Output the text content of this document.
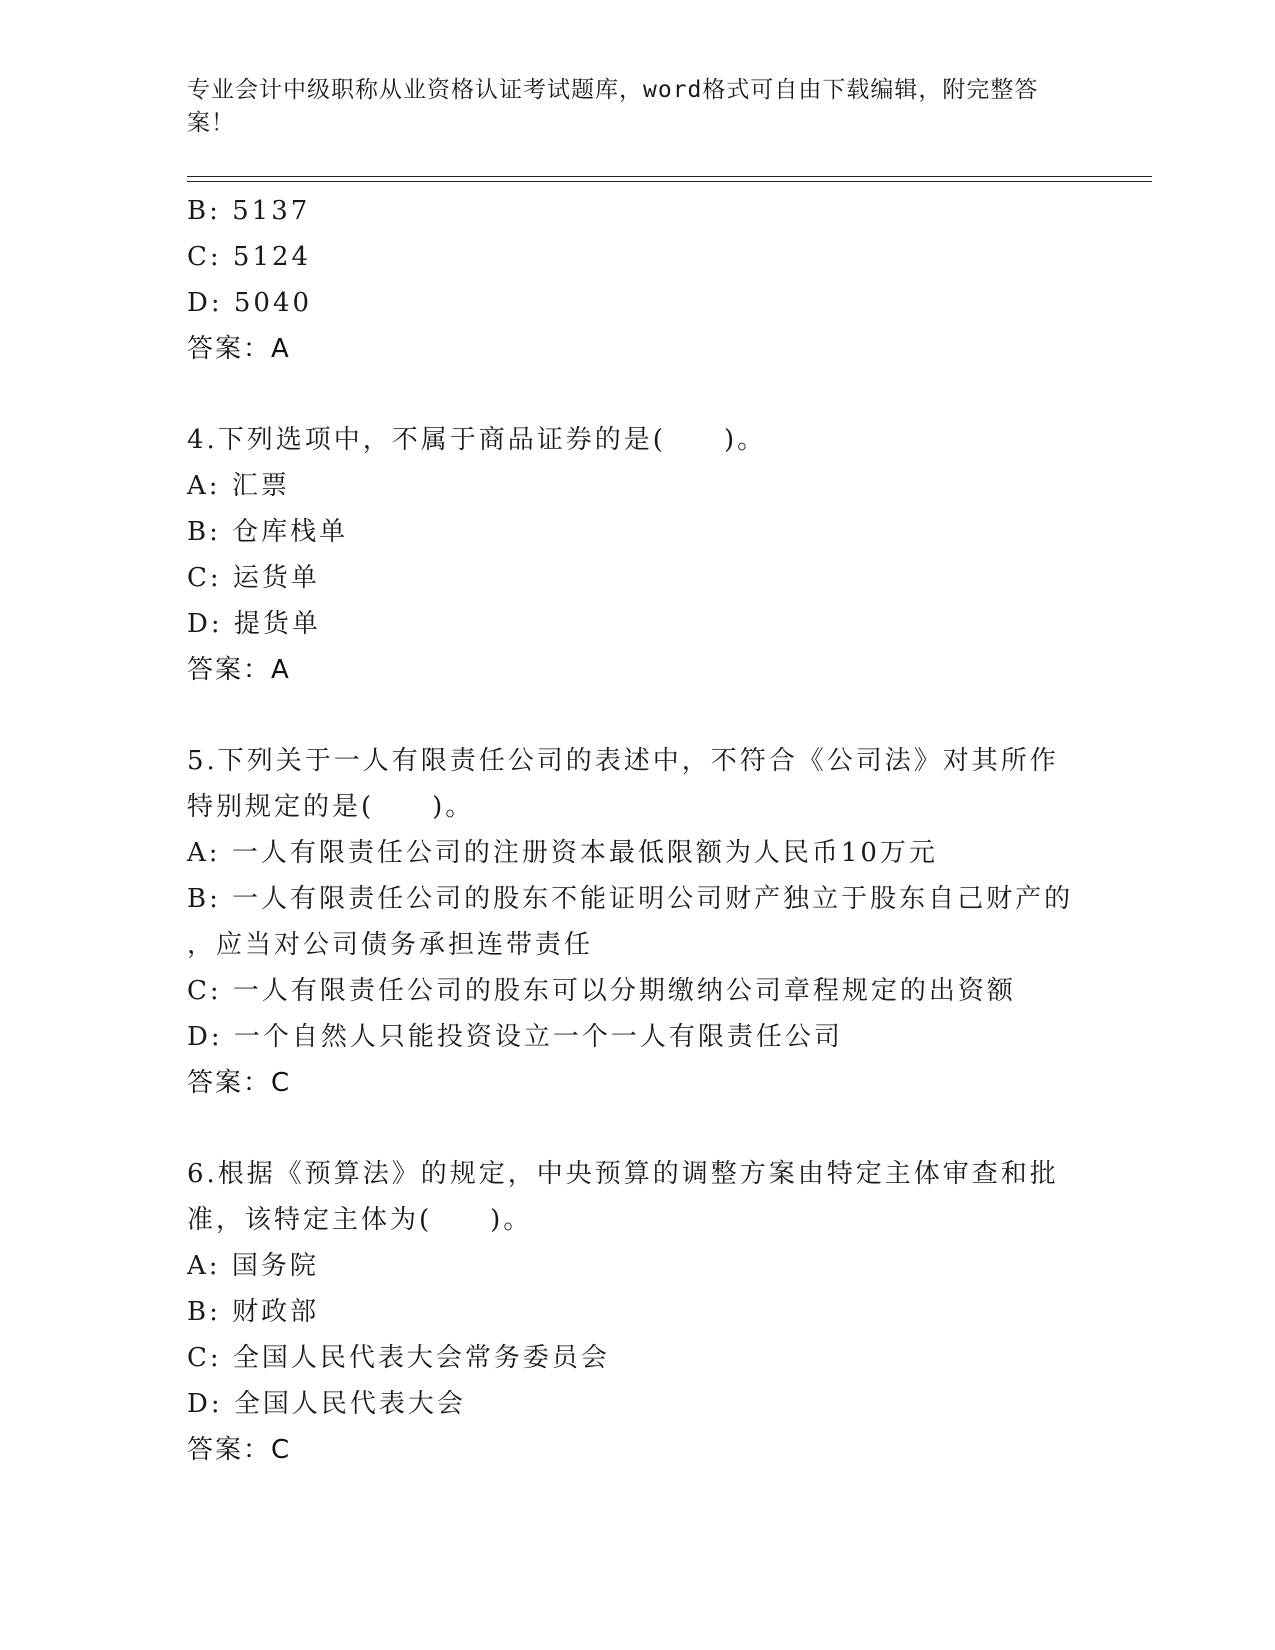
专业会计中级职称从业资格认证考试题库，word格式可自由下载编辑，附完整答案！
B: 5137
C: 5124
D: 5040
答案：A
4.下列选项中，不属于商品证券的是(　　)。
A: 汇票
B: 仓库栈单
C: 运货单
D: 提货单
答案：A
5.下列关于一人有限责任公司的表述中，不符合《公司法》对其所作
特别规定的是(　　)。
A: 一人有限责任公司的注册资本最低限额为人民币10万元
B: 一人有限责任公司的股东不能证明公司财产独立于股东自己财产的
，应当对公司债务承担连带责任
C: 一人有限责任公司的股东可以分期缴纳公司章程规定的出资额
D: 一个自然人只能投资设立一个一人有限责任公司
答案：C
6.根据《预算法》的规定，中央预算的调整方案由特定主体审查和批
准，该特定主体为(　　)。
A: 国务院
B: 财政部
C: 全国人民代表大会常务委员会
D: 全国人民代表大会
答案：C
